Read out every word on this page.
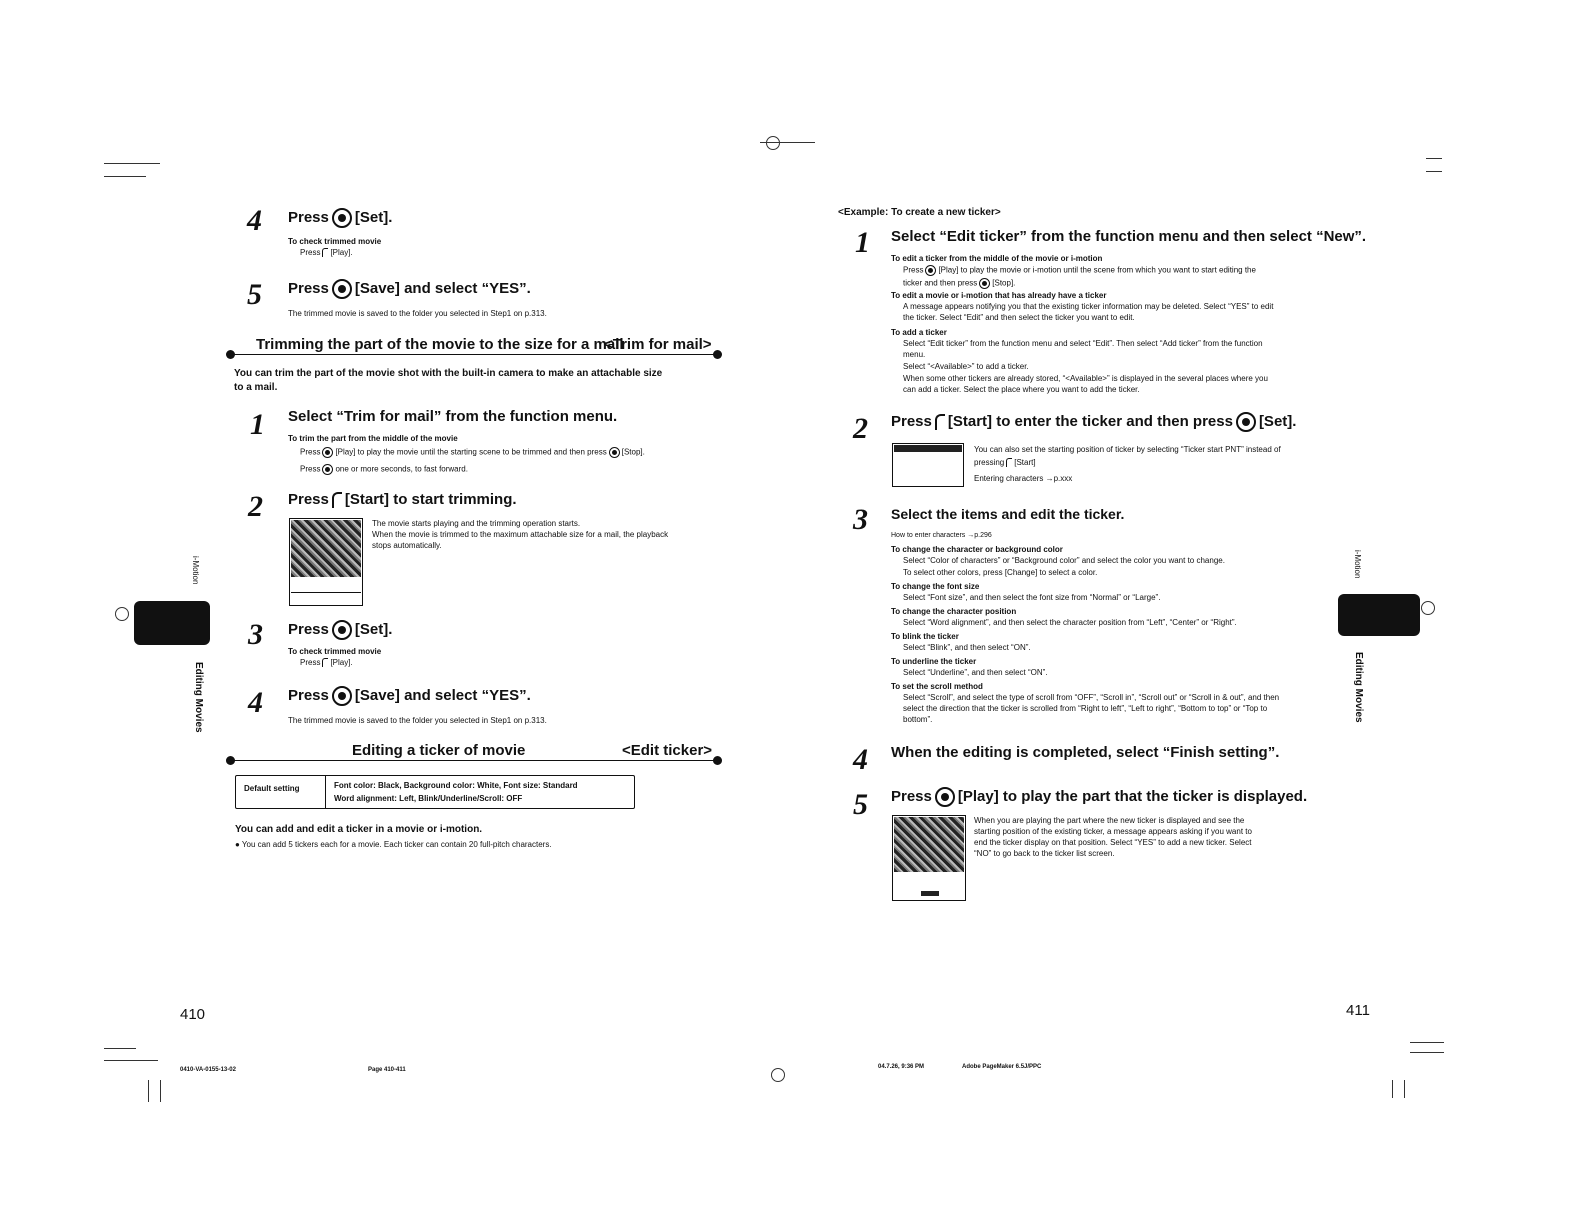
4 Press [Set].
To check trimmed movie
Press [Play].
5 Press [Save] and select “YES”.
The trimmed movie is saved to the folder you selected in Step1 on p.313.
Trimming the part of the movie to the size for a mail
<Trim for mail>
You can trim the part of the movie shot with the built-in camera to make an attachable size
to a mail.
1 Select “Trim for mail” from the function menu.
To trim the part from the middle of the movie
Press [Play] to play the movie until the starting scene to be trimmed and then press [Stop].
Press one or more seconds, to fast forward.
2 Press [Start] to start trimming.
The movie starts playing and the trimming operation starts.
When the movie is trimmed to the maximum attachable size for a mail, the playback
stops automatically.
3 Press [Set].
To check trimmed movie
Press [Play].
4 Press [Save] and select “YES”.
The trimmed movie is saved to the folder you selected in Step1 on p.313.
Editing a ticker of movie	<Edit ticker>
Default setting	Font color: Black, Background color: White, Font size: Standard
Word alignment: Left, Blink/Underline/Scroll: OFF
You can add and edit a ticker in a movie or i-motion.
● You can add 5 tickers each for a movie. Each ticker can contain 20 full-pitch characters.
i-Motion
Editing Movies
410
0410-VA-0155-13-02	Page 410-411
<Example: To create a new ticker>
1 Select “Edit ticker” from the function menu and then select “New”.
To edit a ticker from the middle of the movie or i-motion
Press [Play] to play the movie or i-motion until the scene from which you want to start editing the
ticker and then press [Stop].
To edit a movie or i-motion that has already have a ticker
A message appears notifying you that the existing ticker information may be deleted. Select “YES” to edit
the ticker. Select “Edit” and then select the ticker you want to edit.
To add a ticker
Select “Edit ticker” from the function menu and select “Edit”. Then select “Add ticker” from the function
menu.
Select “<Available>” to add a ticker.
When some other tickers are already stored, “<Available>” is displayed in the several places where you
can add a ticker. Select the place where you want to add the ticker.
2 Press [Start] to enter the ticker and then press [Set].
You can also set the starting position of ticker by selecting “Ticker start PNT” instead of
pressing [Start]
Entering characters →p.xxx
3 Select the items and edit the ticker.
How to enter characters →p.296
To change the character or background color
Select “Color of characters” or “Background color” and select the color you want to change.
To select other colors, press [Change] to select a color.
To change the font size
Select “Font size”, and then select the font size from “Normal” or “Large”.
To change the character position
Select “Word alignment”, and then select the character position from “Left”, “Center” or “Right”.
To blink the ticker
Select “Blink”, and then select “ON”.
To underline the ticker
Select “Underline”, and then select “ON”.
To set the scroll method
Select “Scroll”, and select the type of scroll from “OFF”, “Scroll in”, “Scroll out” or “Scroll in & out”, and then
select the direction that the ticker is scrolled from “Right to left”, “Left to right”, “Bottom to top” or “Top to
bottom”.
4 When the editing is completed, select “Finish setting”.
5 Press [Play] to play the part that the ticker is displayed.
When you are playing the part where the new ticker is displayed and see the
starting position of the existing ticker, a message appears asking if you want to
end the ticker display on that position. Select “YES” to add a new ticker. Select
“NO” to go back to the ticker list screen.
i-Motion
Editing Movies
411
04.7.26, 9:36 PM	Adobe PageMaker 6.5J/PPC
